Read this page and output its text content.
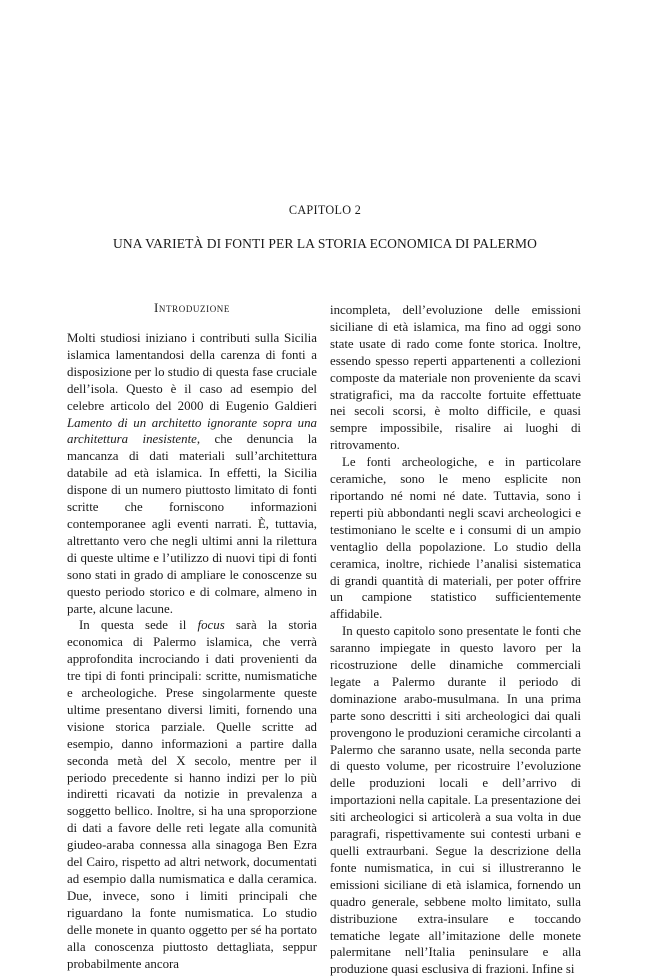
CAPITOLO 2
UNA VARIETÀ DI FONTI PER LA STORIA ECONOMICA DI PALERMO
Introduzione

Molti studiosi iniziano i contributi sulla Sicilia islamica lamentandosi della carenza di fonti a disposizione per lo studio di questa fase cruciale dell’isola. Questo è il caso ad esempio del celebre articolo del 2000 di Eugenio Galdieri Lamento di un architetto ignorante sopra una architettura inesistente, che denuncia la mancanza di dati materiali sull’architettura databile ad età islamica. In effetti, la Sicilia dispone di un numero piuttosto limitato di fonti scritte che forniscono informazioni contemporanee agli eventi narrati. È, tuttavia, altrettanto vero che negli ultimi anni la rilettura di queste ultime e l’utilizzo di nuovi tipi di fonti sono stati in grado di ampliare le conoscenze su questo periodo storico e di colmare, almeno in parte, alcune lacune.

In questa sede il focus sarà la storia economica di Palermo islamica, che verrà approfondita incrociando i dati provenienti da tre tipi di fonti principali: scritte, numismatiche e archeologiche. Prese singolarmente queste ultime presentano diversi limiti, fornendo una visione storica parziale. Quelle scritte ad esempio, danno informazioni a partire dalla seconda metà del X secolo, mentre per il periodo precedente si hanno indizi per lo più indiretti ricavati da notizie in prevalenza a soggetto bellico. Inoltre, si ha una sproporzione di dati a favore delle reti legate alla comunità giudeo-araba connessa alla sinagoga Ben Ezra del Cairo, rispetto ad altri network, documentati ad esempio dalla numismatica e dalla ceramica. Due, invece, sono i limiti principali che riguardano la fonte numismatica. Lo studio delle monete in quanto oggetto per sé ha portato alla conoscenza piuttosto dettagliata, seppur probabilmente ancora

incompleta, dell’evoluzione delle emissioni siciliane di età islamica, ma fino ad oggi sono state usate di rado come fonte storica. Inoltre, essendo spesso reperti appartenenti a collezioni composte da materiale non proveniente da scavi stratigrafici, ma da raccolte fortuite effettuate nei secoli scorsi, è molto difficile, e quasi sempre impossibile, risalire ai luoghi di ritrovamento.

Le fonti archeologiche, e in particolare ceramiche, sono le meno esplicite non riportando né nomi né date. Tuttavia, sono i reperti più abbondanti negli scavi archeologici e testimoniano le scelte e i consumi di un ampio ventaglio della popolazione. Lo studio della ceramica, inoltre, richiede l’analisi sistematica di grandi quantità di materiali, per poter offrire un campione statistico sufficientemente affidabile.

In questo capitolo sono presentate le fonti che saranno impiegate in questo lavoro per la ricostruzione delle dinamiche commerciali legate a Palermo durante il periodo di dominazione arabo-musulmana. In una prima parte sono descritti i siti archeologici dai quali provengono le produzioni ceramiche circolanti a Palermo che saranno usate, nella seconda parte di questo volume, per ricostruire l’evoluzione delle produzioni locali e dell’arrivo di importazioni nella capitale. La presentazione dei siti archeologici si articolerà a sua volta in due paragrafi, rispettivamente sui contesti urbani e quelli extraurbani. Segue la descrizione della fonte numismatica, in cui si illustreranno le emissioni siciliane di età islamica, fornendo un quadro generale, sebbene molto limitato, sulla distribuzione extra-insulare e toccando tematiche legate all’imitazione delle monete palermitane nell’Italia peninsulare e alla produzione quasi esclusiva di frazioni. Infine si
